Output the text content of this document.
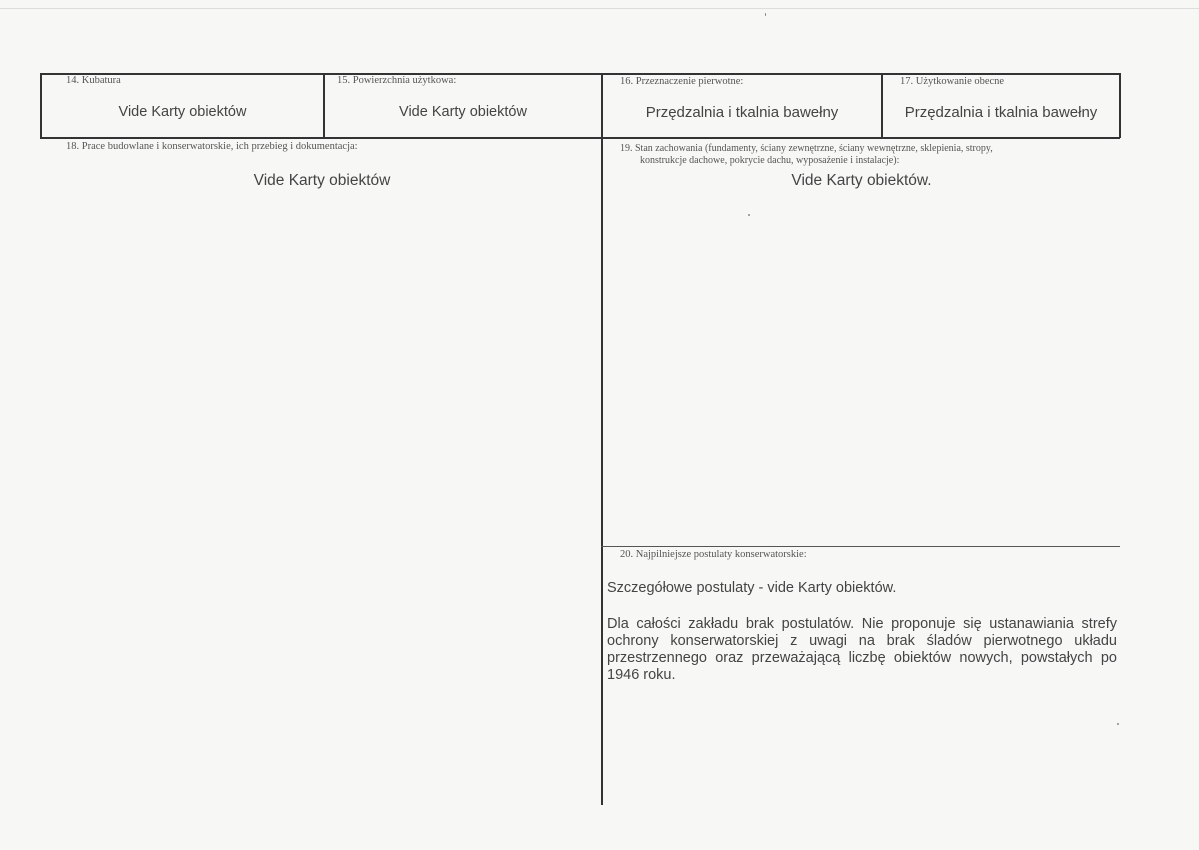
14. Kubatura
Vide Karty obiektów
15. Powierzchnia użytkowa:
Vide Karty obiektów
16. Przeznaczenie pierwotne:
Przędzalnia i tkalnia bawełny
17. Użytkowanie obecne
Przędzalnia i tkalnia bawełny
18. Prace budowlane i konserwatorskie, ich przebieg i dokumentacja:
Vide Karty obiektów
19. Stan zachowania (fundamenty, ściany zewnętrzne, ściany wewnętrzne, sklepienia, stropy,
konstrukcje dachowe, pokrycie dachu, wyposażenie i instalacje):
Vide Karty obiektów.
20. Najpilniejsze postulaty konserwatorskie:
Szczegółowe postulaty - vide Karty obiektów.
Dla całości zakładu brak postulatów. Nie proponuje się ustanawiania strefy ochrony konserwatorskiej z uwagi na brak śladów pierwotnego układu przestrzennego oraz przeważającą liczbę obiektów nowych, powstałych po 1946 roku.
